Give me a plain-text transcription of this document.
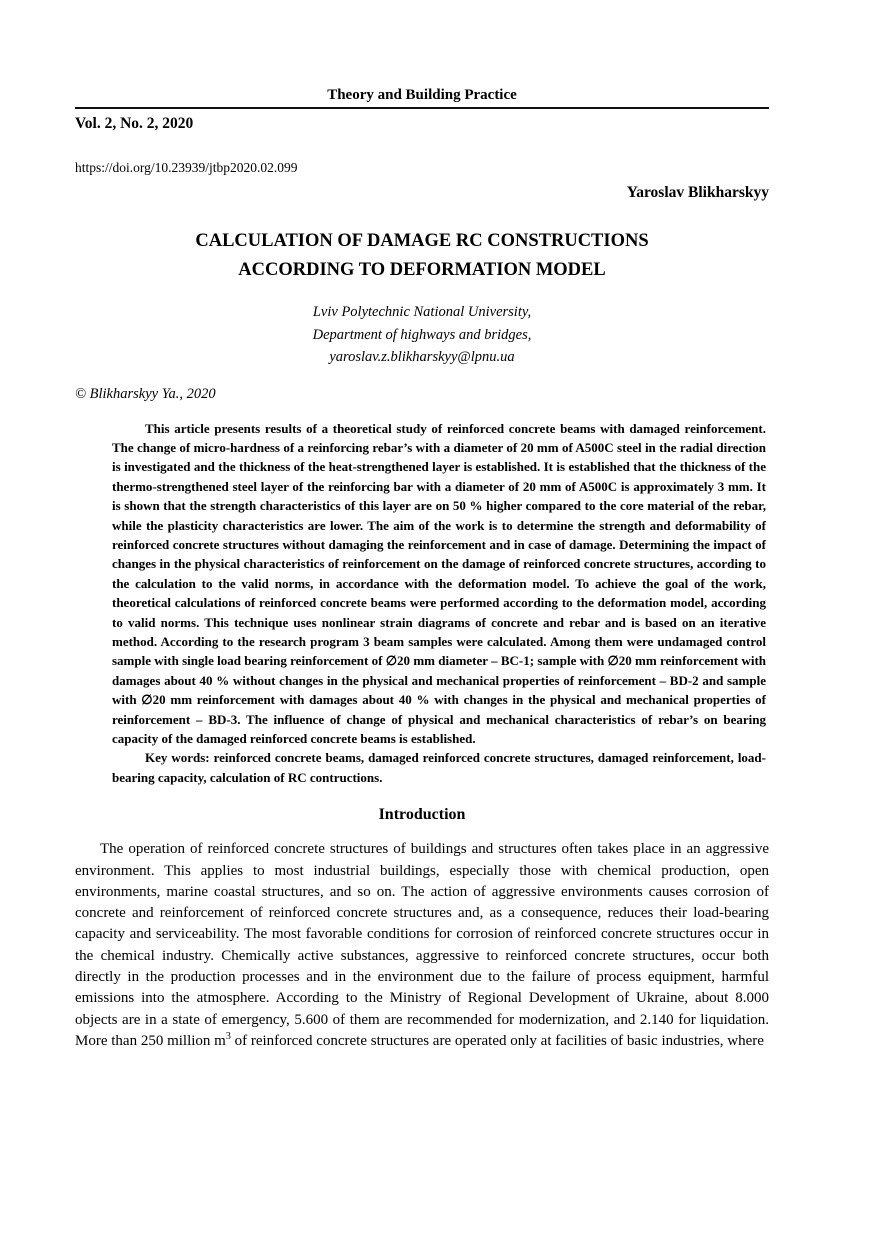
Theory and Building Practice
Vol. 2, No. 2, 2020
https://doi.org/10.23939/jtbp2020.02.099
Yaroslav Blikharskyy
CALCULATION OF DAMAGE RC CONSTRUCTIONS
ACCORDING TO DEFORMATION MODEL
Lviv Polytechnic National University,
Department of highways and bridges,
yaroslav.z.blikharskyy@lpnu.ua
© Blikharskyy Ya., 2020

This article presents results of a theoretical study of reinforced concrete beams with damaged reinforcement. The change of micro-hardness of a reinforcing rebar’s with a diameter of 20 mm of A500C steel in the radial direction is investigated and the thickness of the heat-strengthened layer is established. It is established that the thickness of the thermo-strengthened steel layer of the reinforcing bar with a diameter of 20 mm of A500C is approximately 3 mm. It is shown that the strength characteristics of this layer are on 50 % higher compared to the core material of the rebar, while the plasticity characteristics are lower. The aim of the work is to determine the strength and deformability of reinforced concrete structures without damaging the reinforcement and in case of damage. Determining the impact of changes in the physical characteristics of reinforcement on the damage of reinforced concrete structures, according to the calculation to the valid norms, in accordance with the deformation model. To achieve the goal of the work, theoretical calculations of reinforced concrete beams were performed according to the deformation model, according to valid norms. This technique uses nonlinear strain diagrams of concrete and rebar and is based on an iterative method. According to the research program 3 beam samples were calculated. Among them were undamaged control sample with single load bearing reinforcement of ∅20 mm diameter – BC-1; sample with ∅20 mm reinforcement with damages about 40 % without changes in the physical and mechanical properties of reinforcement – BD-2 and sample with ∅20 mm reinforcement with damages about 40 % with changes in the physical and mechanical properties of reinforcement – BD-3. The influence of change of physical and mechanical characteristics of rebar’s on bearing capacity of the damaged reinforced concrete beams is established.

Key words: reinforced concrete beams, damaged reinforced concrete structures, damaged reinforcement, load-bearing capacity, calculation of RC contructions.

Introduction

The operation of reinforced concrete structures of buildings and structures often takes place in an aggressive environment. This applies to most industrial buildings, especially those with chemical production, open environments, marine coastal structures, and so on. The action of aggressive environments causes corrosion of concrete and reinforcement of reinforced concrete structures and, as a consequence, reduces their load-bearing capacity and serviceability. The most favorable conditions for corrosion of reinforced concrete structures occur in the chemical industry. Chemically active substances, aggressive to reinforced concrete structures, occur both directly in the production processes and in the environment due to the failure of process equipment, harmful emissions into the atmosphere. According to the Ministry of Regional Development of Ukraine, about 8.000 objects are in a state of emergency, 5.600 of them are recommended for modernization, and 2.140 for liquidation. More than 250 million $m^3$ of reinforced concrete structures are operated only at facilities of basic industries, where
